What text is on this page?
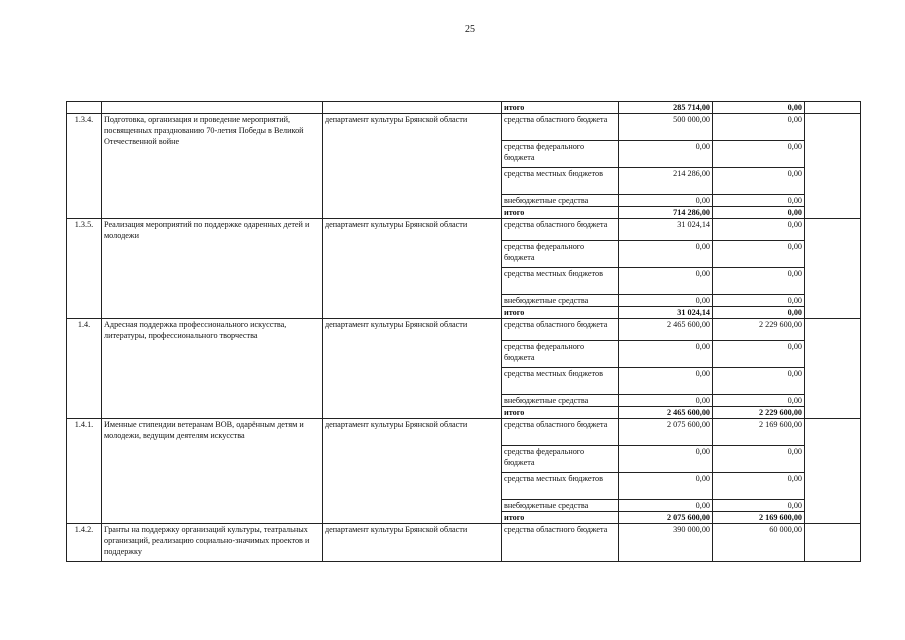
25
			итого	285 714,00	0,00	
1.3.4.	Подготовка, организация и проведение мероприятий, посвященных празднованию 70-летия Победы в Великой Отечественной войне	департамент культуры Брянской области	средства областного бюджета	500 000,00	0,00	
			средства федерального бюджета	0,00	0,00	
			средства местных бюджетов	214 286,00	0,00	
			внебюджетные средства	0,00	0,00	
			итого	714 286,00	0,00	
1.3.5.	Реализация мероприятий по поддержке одаренных детей и молодежи	департамент культуры Брянской области	средства областного бюджета	31 024,14	0,00	
			средства федерального бюджета	0,00	0,00	
			средства местных бюджетов	0,00	0,00	
			внебюджетные средства	0,00	0,00	
			итого	31 024,14	0,00	
1.4.	Адресная поддержка профессионального искусства, литературы, профессионального творчества	департамент культуры Брянской области	средства областного бюджета	2 465 600,00	2 229 600,00	
			средства федерального бюджета	0,00	0,00	
			средства местных бюджетов	0,00	0,00	
			внебюджетные средства	0,00	0,00	
			итого	2 465 600,00	2 229 600,00	
1.4.1.	Именные стипендии ветеранам ВОВ, одарённым детям и молодежи, ведущим деятелям искусства	департамент культуры Брянской области	средства областного бюджета	2 075 600,00	2 169 600,00	
			средства федерального бюджета	0,00	0,00	
			средства местных бюджетов	0,00	0,00	
			внебюджетные средства	0,00	0,00	
			итого	2 075 600,00	2 169 600,00	
1.4.2.	Гранты на поддержку организаций культуры, театральных организаций, реализацию социально-значимых проектов и поддержку	департамент культуры Брянской области	средства областного бюджета	390 000,00	60 000,00	
